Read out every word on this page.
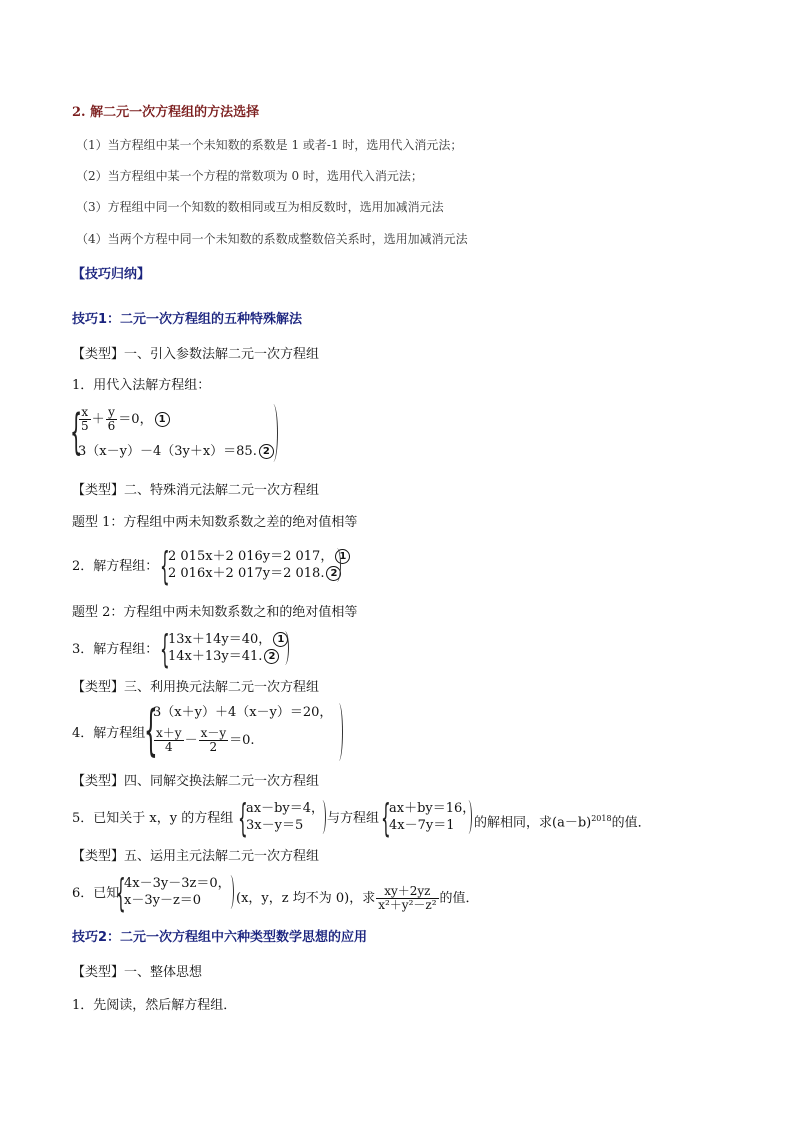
2. 解二元一次方程组的方法选择
（1）当方程组中某一个未知数的系数是 1 或者-1 时，选用代入消元法；
（2）当方程组中某一个方程的常数项为 0 时，选用代入消元法；
（3）方程组中同一个知数的数相同或互为相反数时，选用加减消元法
（4）当两个方程中同一个未知数的系数成整数倍关系时，选用加减消元法
【技巧归纳】
技巧1：二元一次方程组的五种特殊解法
【类型】一、引入参数法解二元一次方程组
1．用代入法解方程组：
{
$\frac{x}{5} + \frac{y}{6} =0$， 1
3（x－y）－4（3y＋x）＝85. 2
【类型】二、特殊消元法解二元一次方程组
题型 1：方程组中两未知数系数之差的绝对值相等
2．解方程组： {
2 015x＋2 016y＝2 017， 1
2 016x＋2 017y＝2 018. 2
题型 2：方程组中两未知数系数之和的绝对值相等
3．解方程组： {
13x＋14y＝40， 1
14x＋13y＝41. 2
【类型】三、利用换元法解二元一次方程组
4．解方程组
{
3（x＋y）＋4（x－y）＝20，
$\frac{x+y}{4} - \frac{x-y}{2} =0$.
【类型】四、同解交换法解二元一次方程组
5．已知关于 x，y 的方程组 {
ax－by＝4，
3x－y＝5 与方程组 {
ax＋by＝16，
4x－7y＝1 的解相同，求$(a-b)^{2018}$的值．
【类型】五、运用主元法解二元一次方程组
6．已知
{
4x－3y－3z＝0，
x－3y－z＝0	(x，y，z 均不为 0)，求 $\frac{xy+2yz}{\text{x²＋y²－z²}}$ 的值．
技巧2：二元一次方程组中六种类型数学思想的应用
【类型】一、整体思想
1．先阅读，然后解方程组．
